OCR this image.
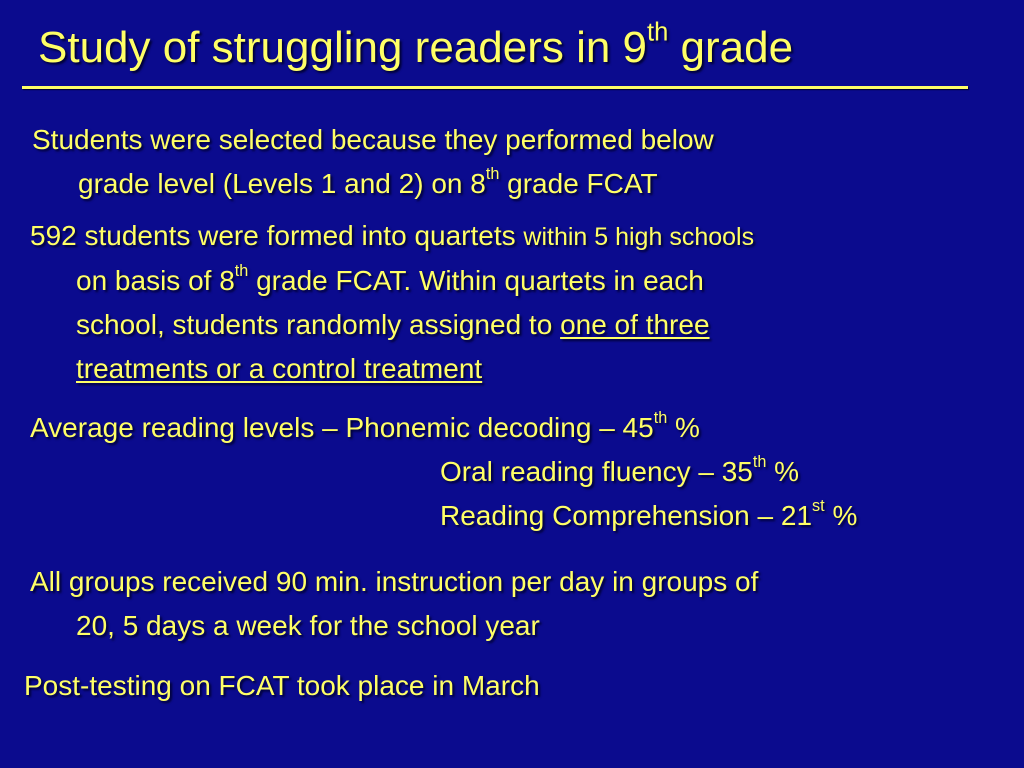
Study of struggling readers in 9th grade
Students were selected because they performed below
grade level (Levels 1 and 2) on 8th grade FCAT
592 students were formed into quartets within 5 high schools
on basis of 8th grade FCAT. Within quartets in each
school, students randomly assigned to one of three
treatments or a control treatment
Average reading levels – Phonemic decoding – 45th %
Oral reading fluency – 35th %
Reading Comprehension – 21st %
All groups received 90 min. instruction per day in groups of
20, 5 days a week for the school year
Post-testing on FCAT took place in March
